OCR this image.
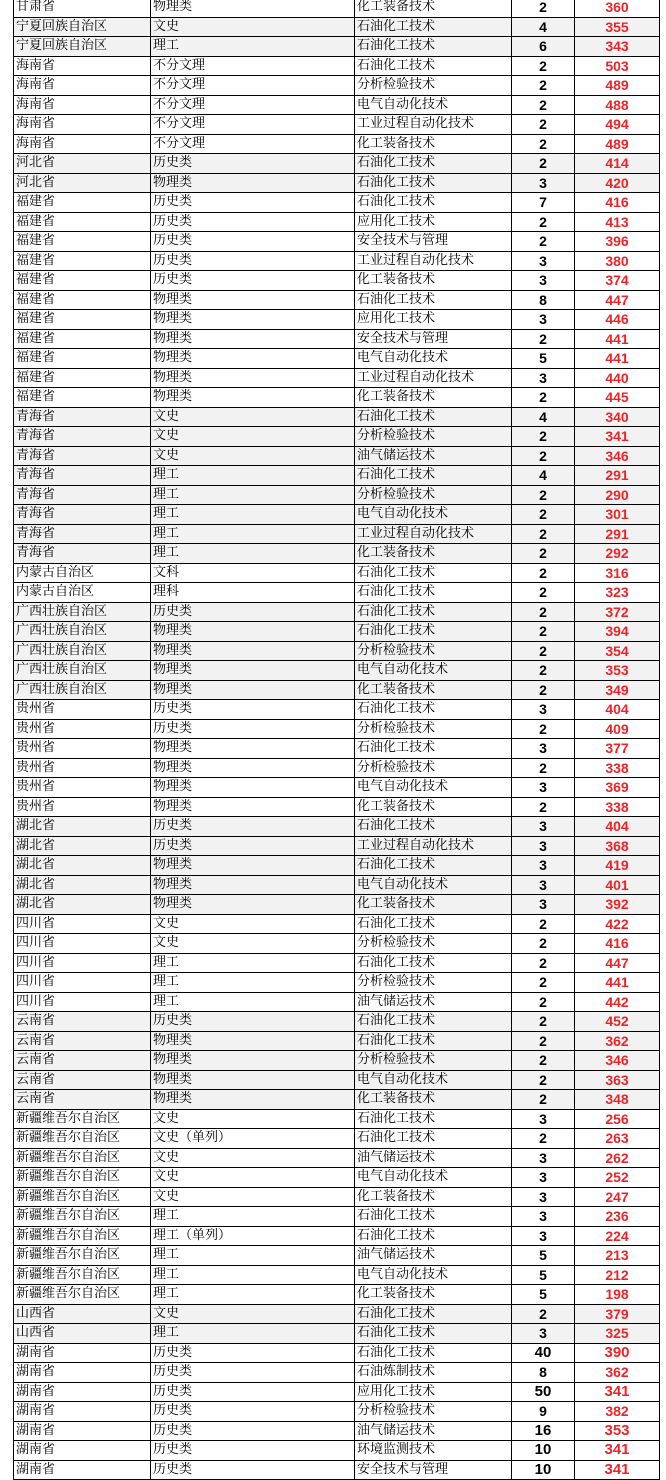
甘肃省	物理类	化工装备技术	2	360
宁夏回族自治区	文史	石油化工技术	4	355
宁夏回族自治区	理工	石油化工技术	6	343
海南省	不分文理	石油化工技术	2	503
海南省	不分文理	分析检验技术	2	489
海南省	不分文理	电气自动化技术	2	488
海南省	不分文理	工业过程自动化技术	2	494
海南省	不分文理	化工装备技术	2	489
河北省	历史类	石油化工技术	2	414
河北省	物理类	石油化工技术	3	420
福建省	历史类	石油化工技术	7	416
福建省	历史类	应用化工技术	2	413
福建省	历史类	安全技术与管理	2	396
福建省	历史类	工业过程自动化技术	3	380
福建省	历史类	化工装备技术	3	374
福建省	物理类	石油化工技术	8	447
福建省	物理类	应用化工技术	3	446
福建省	物理类	安全技术与管理	2	441
福建省	物理类	电气自动化技术	5	441
福建省	物理类	工业过程自动化技术	3	440
福建省	物理类	化工装备技术	2	445
青海省	文史	石油化工技术	4	340
青海省	文史	分析检验技术	2	341
青海省	文史	油气储运技术	2	346
青海省	理工	石油化工技术	4	291
青海省	理工	分析检验技术	2	290
青海省	理工	电气自动化技术	2	301
青海省	理工	工业过程自动化技术	2	291
青海省	理工	化工装备技术	2	292
内蒙古自治区	文科	石油化工技术	2	316
内蒙古自治区	理科	石油化工技术	2	323
广西壮族自治区	历史类	石油化工技术	2	372
广西壮族自治区	物理类	石油化工技术	2	394
广西壮族自治区	物理类	分析检验技术	2	354
广西壮族自治区	物理类	电气自动化技术	2	353
广西壮族自治区	物理类	化工装备技术	2	349
贵州省	历史类	石油化工技术	3	404
贵州省	历史类	分析检验技术	2	409
贵州省	物理类	石油化工技术	3	377
贵州省	物理类	分析检验技术	2	338
贵州省	物理类	电气自动化技术	3	369
贵州省	物理类	化工装备技术	2	338
湖北省	历史类	石油化工技术	3	404
湖北省	历史类	工业过程自动化技术	3	368
湖北省	物理类	石油化工技术	3	419
湖北省	物理类	电气自动化技术	3	401
湖北省	物理类	化工装备技术	3	392
四川省	文史	石油化工技术	2	422
四川省	文史	分析检验技术	2	416
四川省	理工	石油化工技术	2	447
四川省	理工	分析检验技术	2	441
四川省	理工	油气储运技术	2	442
云南省	历史类	石油化工技术	2	452
云南省	物理类	石油化工技术	2	362
云南省	物理类	分析检验技术	2	346
云南省	物理类	电气自动化技术	2	363
云南省	物理类	化工装备技术	2	348
新疆维吾尔自治区	文史	石油化工技术	3	256
新疆维吾尔自治区	文史（单列）	石油化工技术	2	263
新疆维吾尔自治区	文史	油气储运技术	3	262
新疆维吾尔自治区	文史	电气自动化技术	3	252
新疆维吾尔自治区	文史	化工装备技术	3	247
新疆维吾尔自治区	理工	石油化工技术	3	236
新疆维吾尔自治区	理工（单列）	石油化工技术	3	224
新疆维吾尔自治区	理工	油气储运技术	5	213
新疆维吾尔自治区	理工	电气自动化技术	5	212
新疆维吾尔自治区	理工	化工装备技术	5	198
山西省	文史	石油化工技术	2	379
山西省	理工	石油化工技术	3	325
湖南省	历史类	石油化工技术	40	390
湖南省	历史类	石油炼制技术	8	362
湖南省	历史类	应用化工技术	50	341
湖南省	历史类	分析检验技术	9	382
湖南省	历史类	油气储运技术	16	353
湖南省	历史类	环境监测技术	10	341
湖南省	历史类	安全技术与管理	10	341
